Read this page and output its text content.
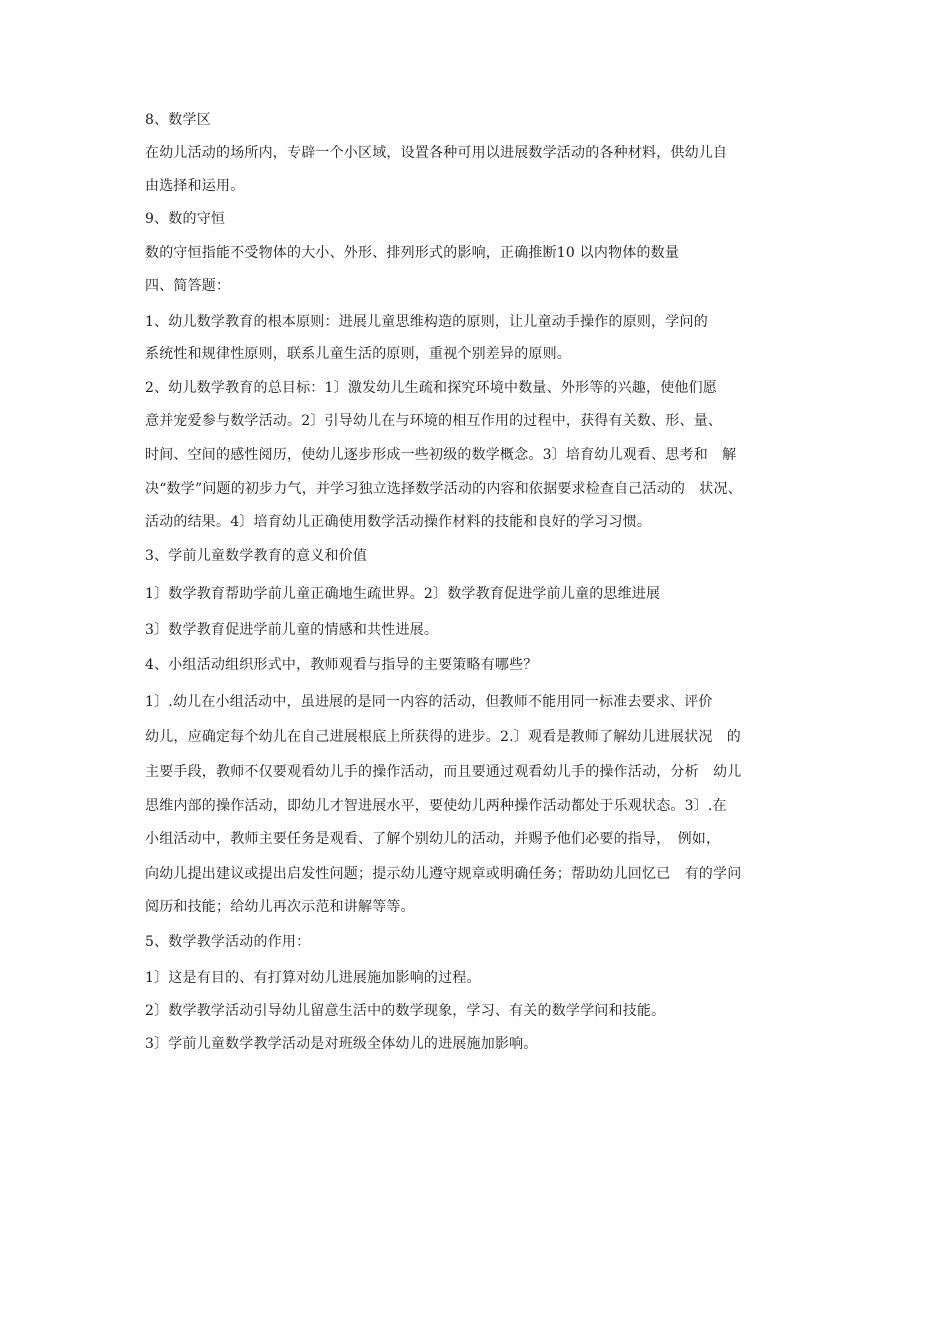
8、数学区
在幼儿活动的场所内，专辟一个小区域，设置各种可用以进展数学活动的各种材料，供幼儿自
由选择和运用。
9、数的守恒
数的守恒指能不受物体的大小、外形、排列形式的影响，正确推断10 以内物体的数量
四、简答题：
1、幼儿数学教育的根本原则：进展儿童思维构造的原则，让儿童动手操作的原则，学问的
系统性和规律性原则，联系儿童生活的原则，重视个别差异的原则。
2、幼儿数学教育的总目标：1〕激发幼儿生疏和探究环境中数量、外形等的兴趣，使他们愿
意并宠爱参与数学活动。2〕引导幼儿在与环境的相互作用的过程中，获得有关数、形、量、
时间、空间的感性阅历，使幼儿逐步形成一些初级的数学概念。3〕培育幼儿观看、思考和　解
决“数学”问题的初步力气，并学习独立选择数学活动的内容和依据要求检查自己活动的　状况、
活动的结果。4〕培育幼儿正确使用数学活动操作材料的技能和良好的学习习惯。
3、学前儿童数学教育的意义和价值
1〕数学教育帮助学前儿童正确地生疏世界。2〕数学教育促进学前儿童的思维进展
3〕数学教育促进学前儿童的情感和共性进展。
4、小组活动组织形式中，教师观看与指导的主要策略有哪些？
1〕.幼儿在小组活动中，虽进展的是同一内容的活动，但教师不能用同一标准去要求、评价
幼儿，应确定每个幼儿在自己进展根底上所获得的进步。2.〕观看是教师了解幼儿进展状况　的
主要手段，教师不仅要观看幼儿手的操作活动，而且要通过观看幼儿手的操作活动，分析　幼儿
思维内部的操作活动，即幼儿才智进展水平，要使幼儿两种操作活动都处于乐观状态。3〕.在
小组活动中，教师主要任务是观看、了解个别幼儿的活动，并赐予他们必要的指导，　例如，
向幼儿提出建议或提出启发性问题；提示幼儿遵守规章或明确任务；帮助幼儿回忆已　有的学问
阅历和技能；给幼儿再次示范和讲解等等。
5、数学教学活动的作用：
1〕这是有目的、有打算对幼儿进展施加影响的过程。
2〕数学教学活动引导幼儿留意生活中的数学现象，学习、有关的数学学问和技能。
3〕学前儿童数学教学活动是对班级全体幼儿的进展施加影响。
